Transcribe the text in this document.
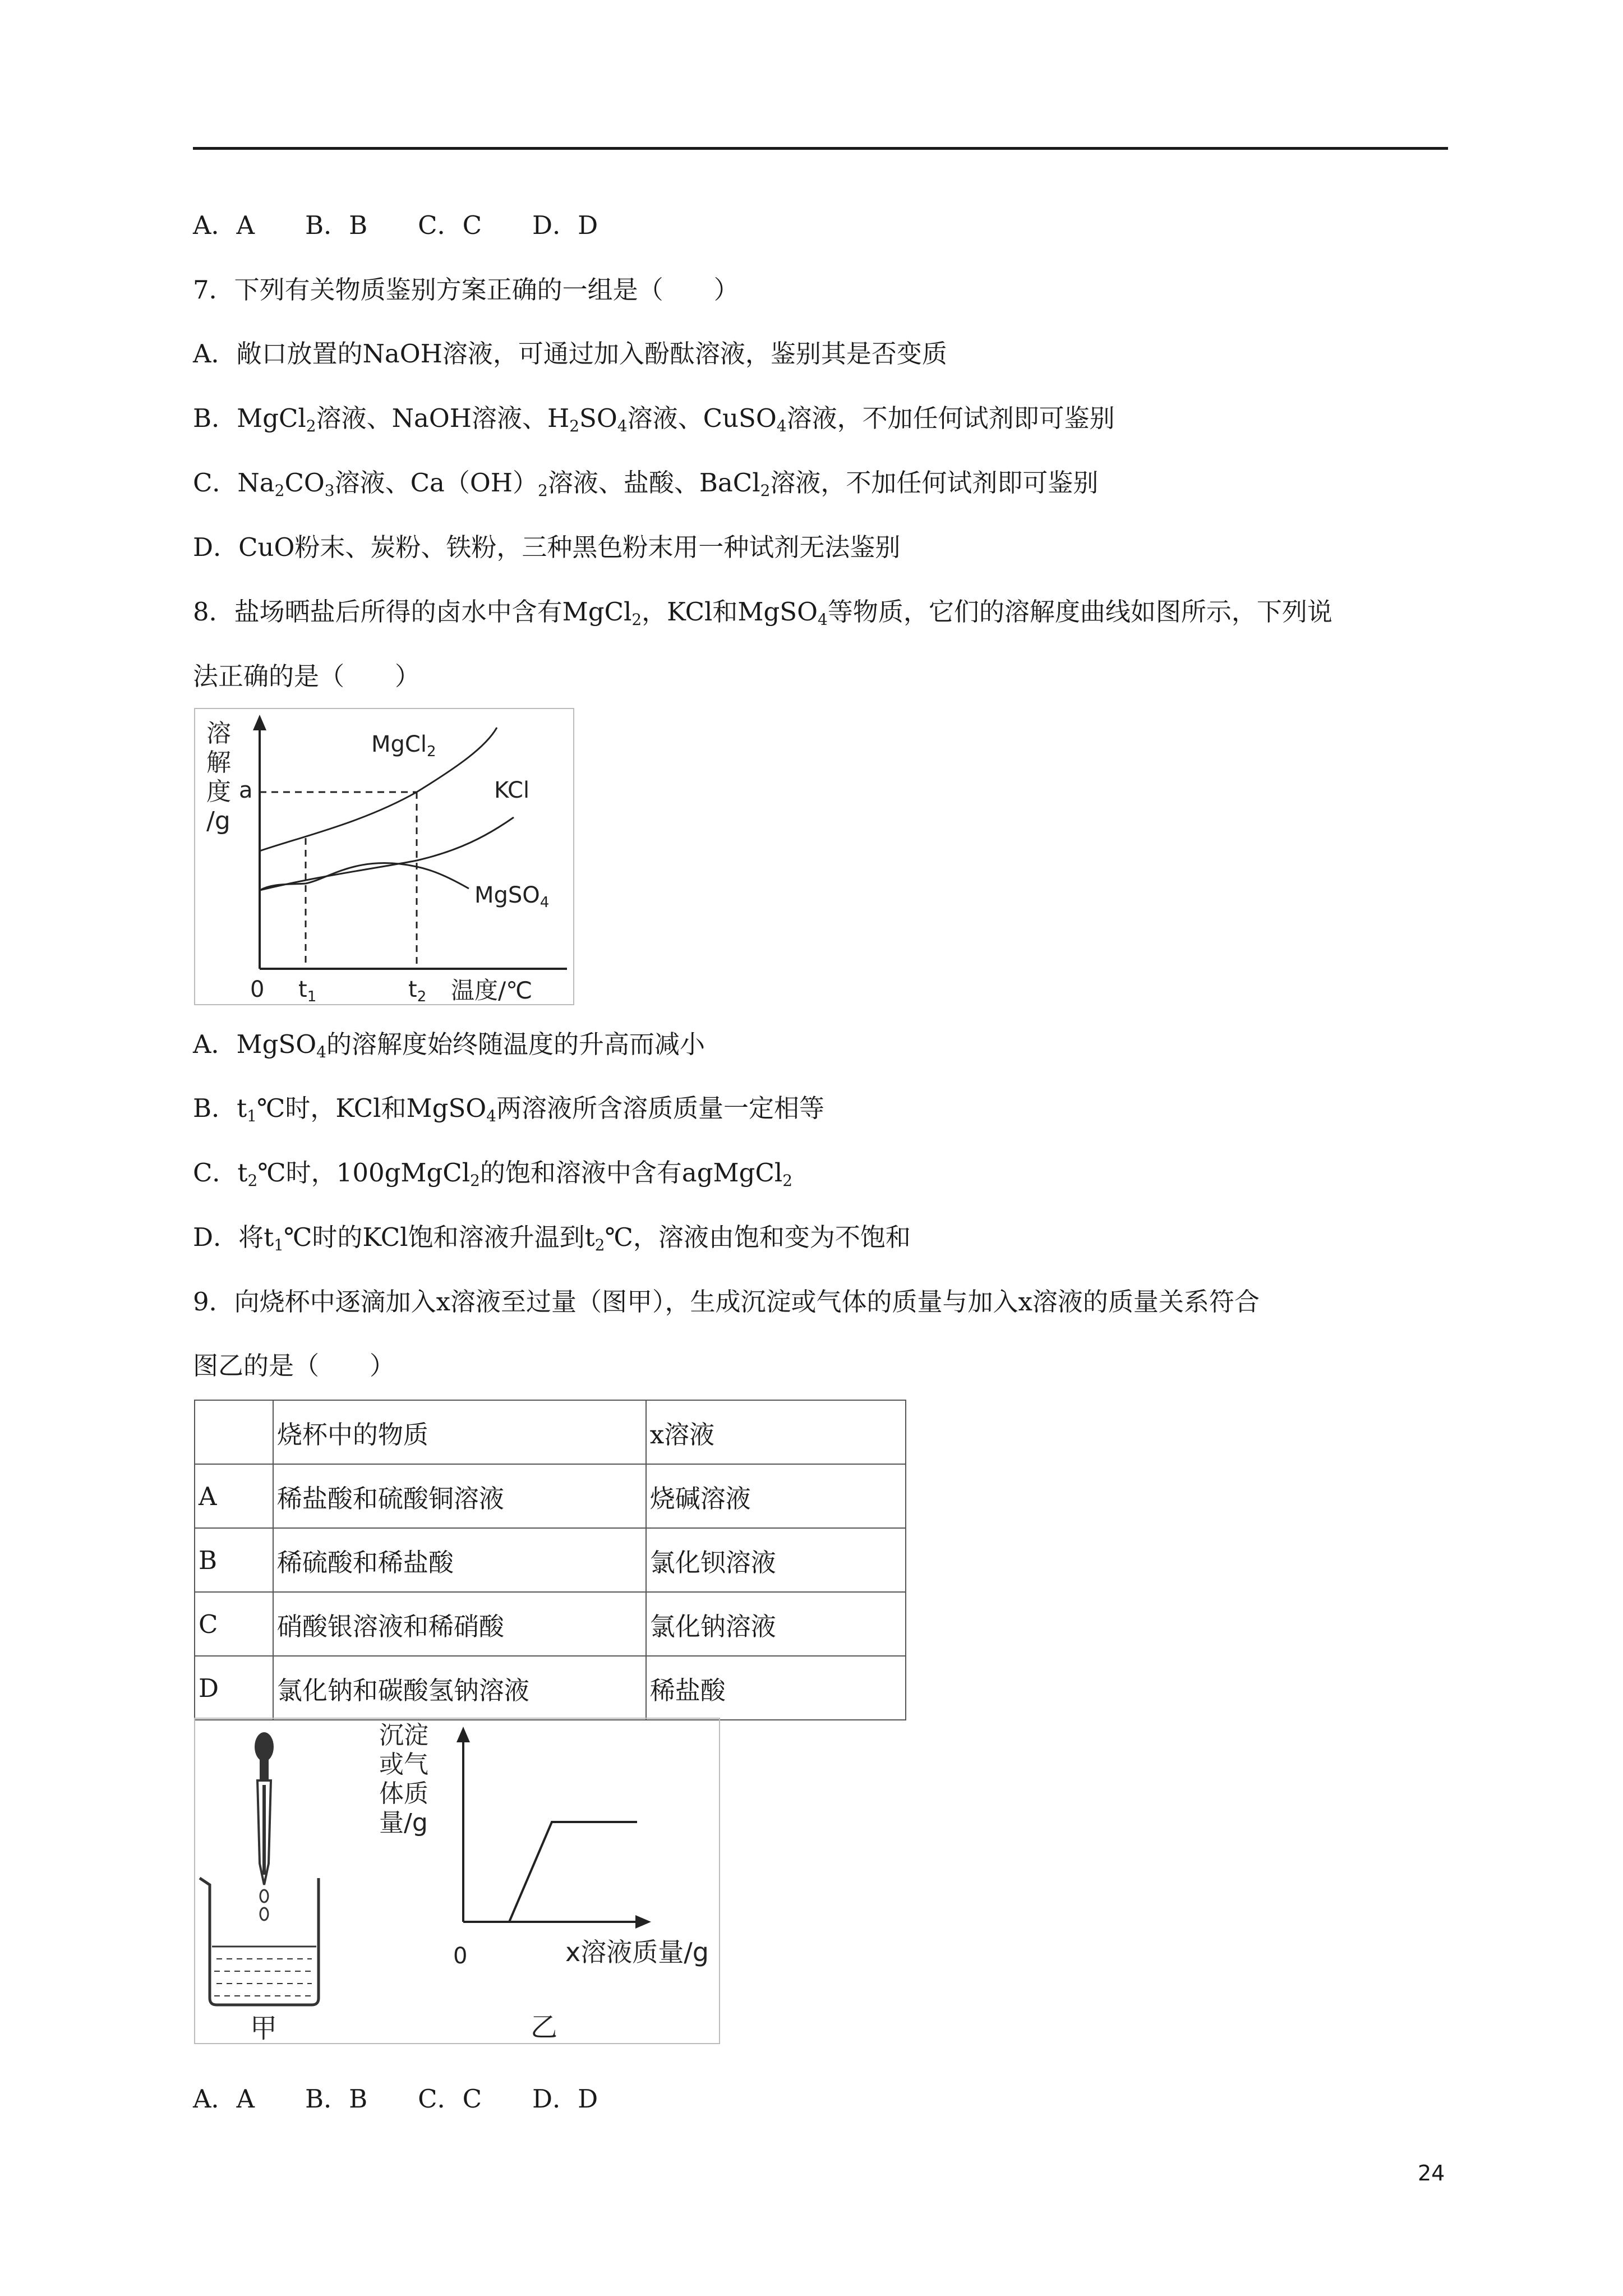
A．A　　B．B　　C．C　　D．D
7．下列有关物质鉴别方案正确的一组是（　　）
A．敞口放置的NaOH溶液，可通过加入酚酞溶液，鉴别其是否变质
B．MgCl$_2$溶液、NaOH溶液、$H_2SO_4$溶液、CuSO$_4$溶液，不加任何试剂即可鉴别
C．$Na_2CO_3$溶液、$Ca(OH)_2$溶液、盐酸、BaCl$_2$溶液，不加任何试剂即可鉴别
D．CuO粉末、炭粉、铁粉，三种黑色粉末用一种试剂无法鉴别
8．盐场晒盐后所得的卤水中含有MgCl$_2$，KCl和MgSO$_4$等物质，它们的溶解度曲线如图所示，下列说
法正确的是（　　）
溶
解
度
/g
a
MgCl$_2$
KCl
MgSO$_4$
0 $t_1$	$t_2$ 温度/℃
A．MgSO$_4$的溶解度始终随温度的升高而减小
B．$t_1℃$时，KCl和MgSO$_4$两溶液所含溶质质量一定相等
C．$t_2℃$时，100gMgCl$_2$的饱和溶液中含有agMgCl$_2$
D．将$t_1℃$时的KCl饱和溶液升温到$t_2℃$，溶液由饱和变为不饱和
9．向烧杯中逐滴加入x溶液至过量（图甲），生成沉淀或气体的质量与加入x溶液的质量关系符合
图乙的是（　　）
	烧杯中的物质	x溶液
A	稀盐酸和硫酸铜溶液	烧碱溶液
B	稀硫酸和稀盐酸	氯化钡溶液
C	硝酸银溶液和稀硝酸	氯化钠溶液
D	氯化钠和碳酸氢钠溶液	稀盐酸
甲
沉淀
或气
体质
量/g
0	x溶液质量/g
乙
A．A　　B．B　　C．C　　D．D
24
